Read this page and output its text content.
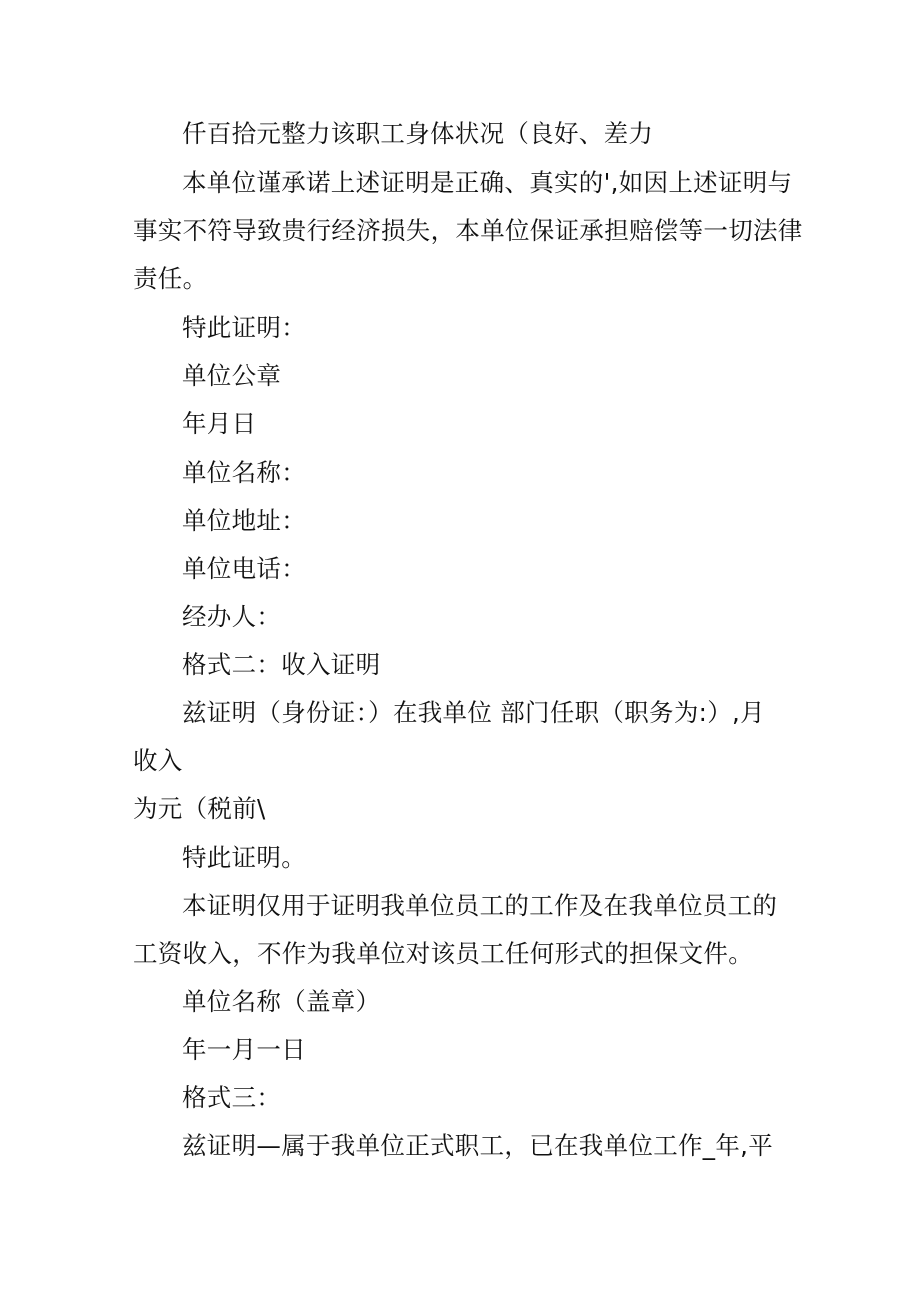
仟百拾元整力该职工身体状况（良好、差力
本单位谨承诺上述证明是正确、真实的',如因上述证明与
事实不符导致贵行经济损失，本单位保证承担赔偿等一切法律
责任。
特此证明：
单位公章
年月日
单位名称：
单位地址：
单位电话：
经办人：
格式二：收入证明
兹证明（身份证：）在我单位 部门任职（职务为:）,月
收入
为元（税前\
特此证明。
本证明仅用于证明我单位员工的工作及在我单位员工的
工资收入，不作为我单位对该员工任何形式的担保文件。
单位名称（盖章）
年一月一日
格式三：
兹证明—属于我单位正式职工，已在我单位工作_年,平
